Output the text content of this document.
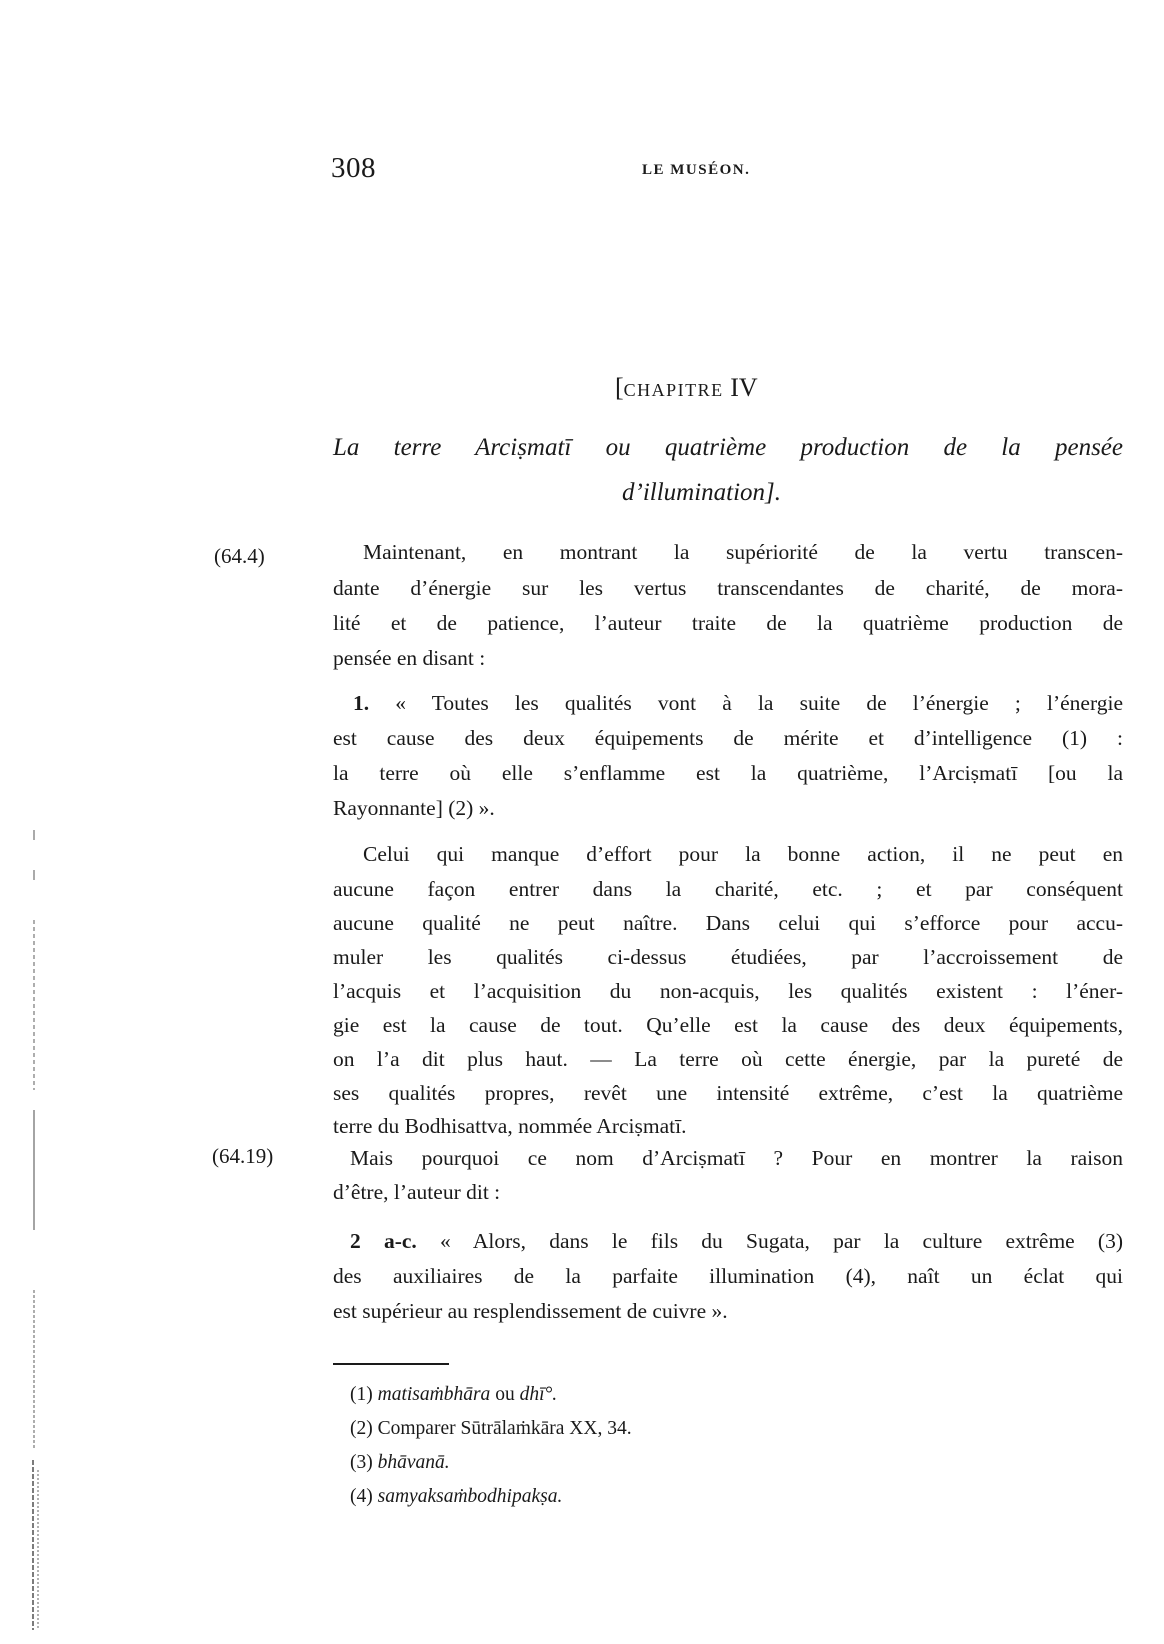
308	LE MUSÉON.
[CHAPITRE IV
La terre Arciṣmatī ou quatrième production de la pensée
d’illumination].
(64.4)
(64.19)
Maintenant, en montrant la supériorité de la vertu transcen-
dante d’énergie sur les vertus transcendantes de charité, de mora-
lité et de patience, l’auteur traite de la quatrième production de
pensée en disant :
1. « Toutes les qualités vont à la suite de l’énergie ; l’énergie
est cause des deux équipements de mérite et d’intelligence (1) :
la terre où elle s’enflamme est la quatrième, l’Arciṣmatī [ou la
Rayonnante] (2) ».
Celui qui manque d’effort pour la bonne action, il ne peut en
aucune façon entrer dans la charité, etc. ; et par conséquent
aucune qualité ne peut naître. Dans celui qui s’efforce pour accu-
muler les qualités ci-dessus étudiées, par l’accroissement de
l’acquis et l’acquisition du non-acquis, les qualités existent : l’éner-
gie est la cause de tout. Qu’elle est la cause des deux équipements,
on l’a dit plus haut. — La terre où cette énergie, par la pureté de
ses qualités propres, revêt une intensité extrême, c’est la quatrième
terre du Bodhisattva, nommée Arciṣmatī.
Mais pourquoi ce nom d’Arciṣmatī ? Pour en montrer la raison
d’être, l’auteur dit :
2 a-c. « Alors, dans le fils du Sugata, par la culture extrême (3)
des auxiliaires de la parfaite illumination (4), naît un éclat qui
est supérieur au resplendissement de cuivre ».
(1) matisaṁbhāra ou dhī°.
(2) Comparer Sūtrālaṁkāra XX, 34.
(3) bhāvanā.
(4) samyaksaṁbodhipakṣa.
